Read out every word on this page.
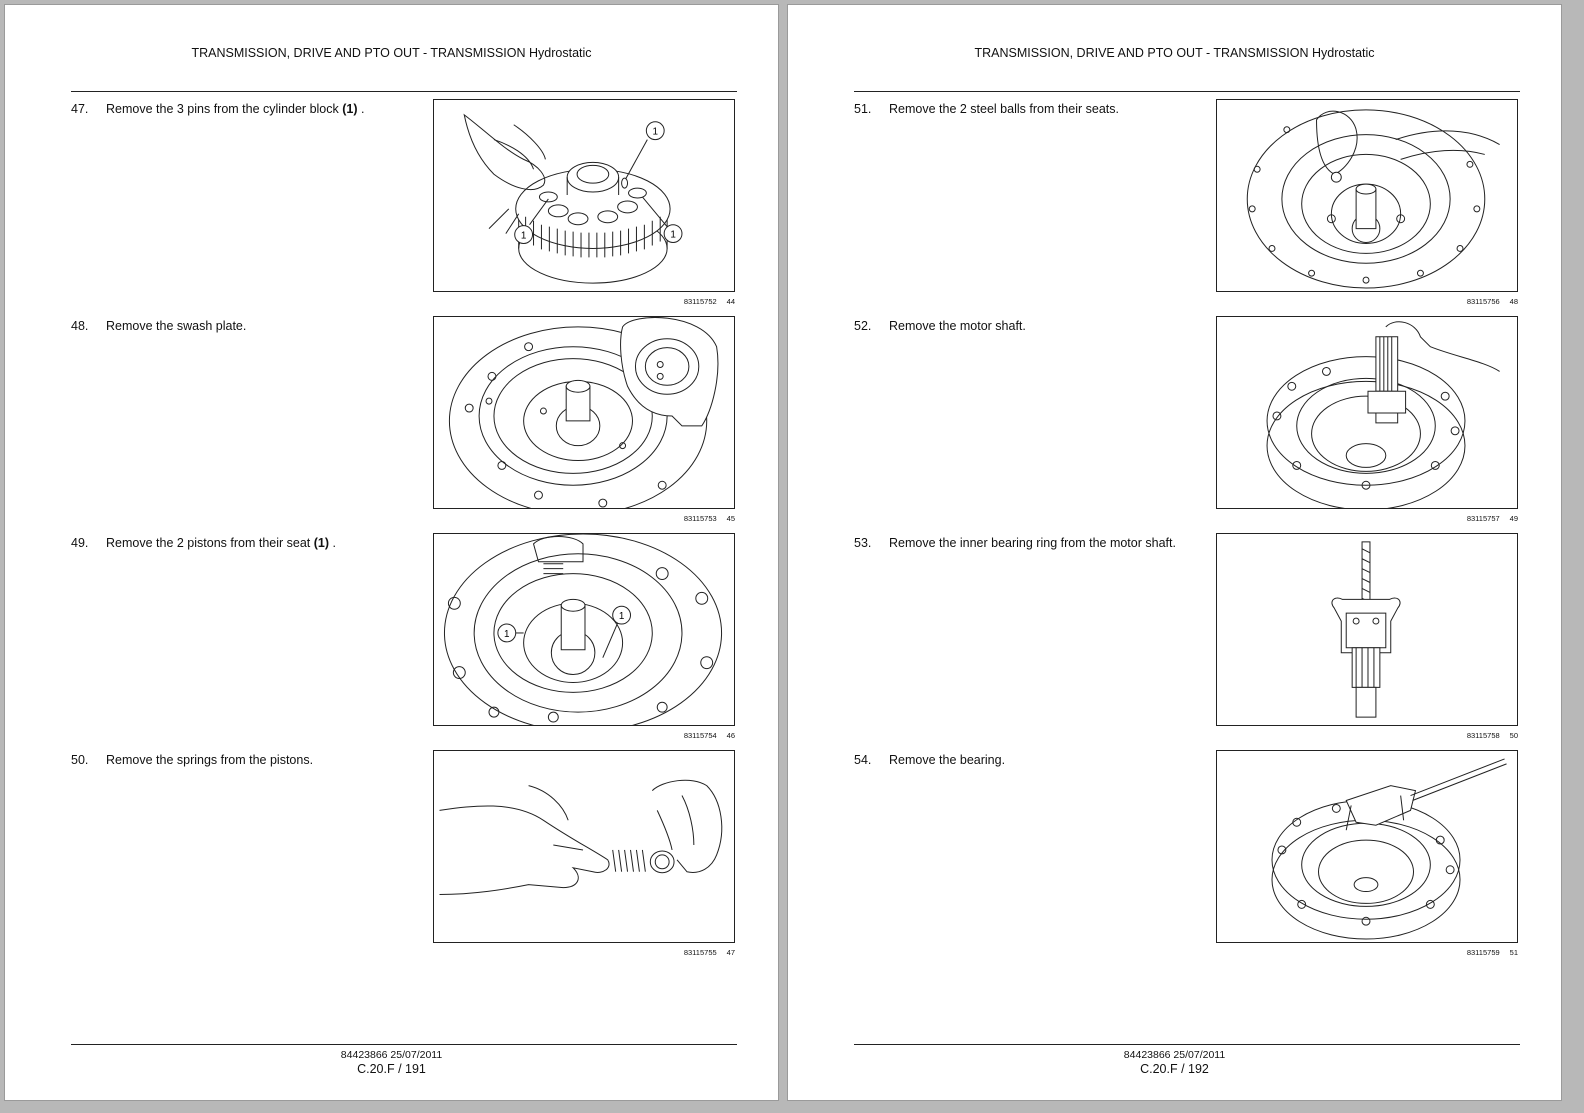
TRANSMISSION, DRIVE AND PTO OUT - TRANSMISSION Hydrostatic
47. Remove the 3 pins from the cylinder block (1) .
1
1	1
83115752 44
48. Remove the swash plate.
83115753 45
49. Remove the 2 pistons from their seat (1) .
1
1
83115754 46
50. Remove the springs from the pistons.
83115755 47
84423866 25/07/2011
C.20.F / 191
TRANSMISSION, DRIVE AND PTO OUT - TRANSMISSION Hydrostatic
51. Remove the 2 steel balls from their seats.
83115756 48
52. Remove the motor shaft.
83115757 49
53. Remove the inner bearing ring from the motor shaft.
83115758 50
54. Remove the bearing.
83115759 51
84423866 25/07/2011
C.20.F / 192
